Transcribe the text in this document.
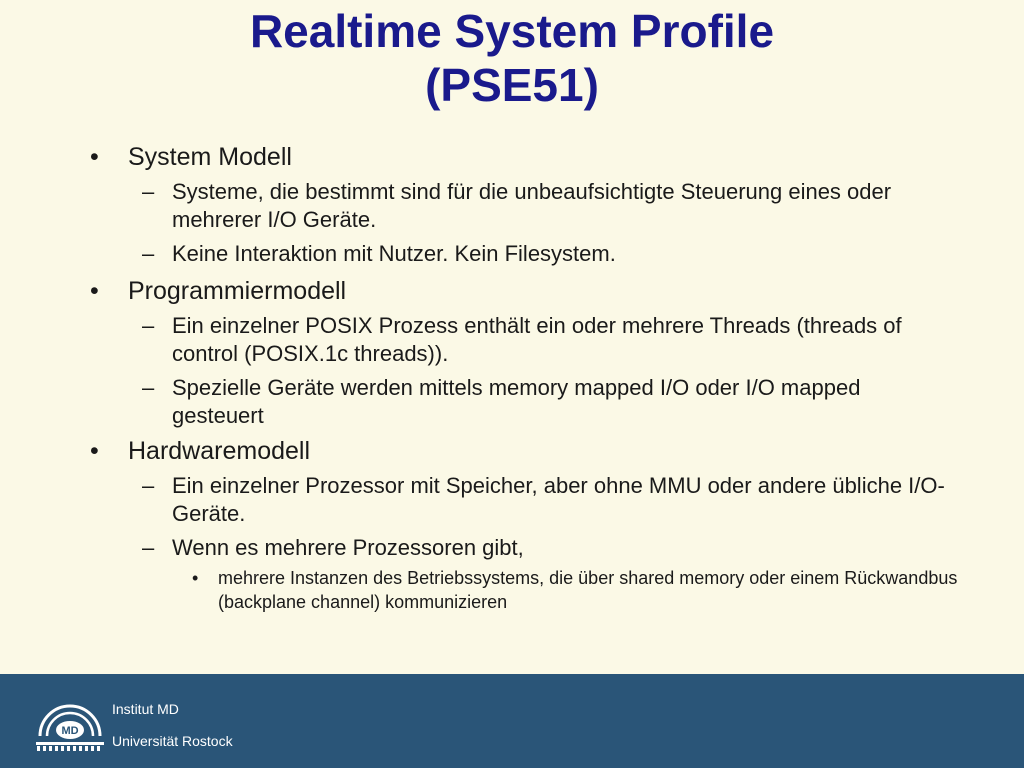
Realtime System Profile
(PSE51)
• System Modell
– Systeme, die bestimmt sind für die unbeaufsichtigte Steuerung eines oder mehrerer I/O Geräte.
– Keine Interaktion mit Nutzer. Kein Filesystem.
• Programmiermodell
– Ein einzelner POSIX Prozess enthält ein oder mehrere Threads (threads of control (POSIX.1c threads)).
– Spezielle Geräte werden mittels memory mapped I/O oder I/O mapped gesteuert
• Hardwaremodell
– Ein einzelner Prozessor mit Speicher, aber ohne MMU oder andere übliche I/O-Geräte.
– Wenn es mehrere Prozessoren gibt,
• mehrere Instanzen des Betriebssystems, die über shared memory oder einem Rückwandbus (backplane channel) kommunizieren
MD
Institut MD
Universität Rostock
